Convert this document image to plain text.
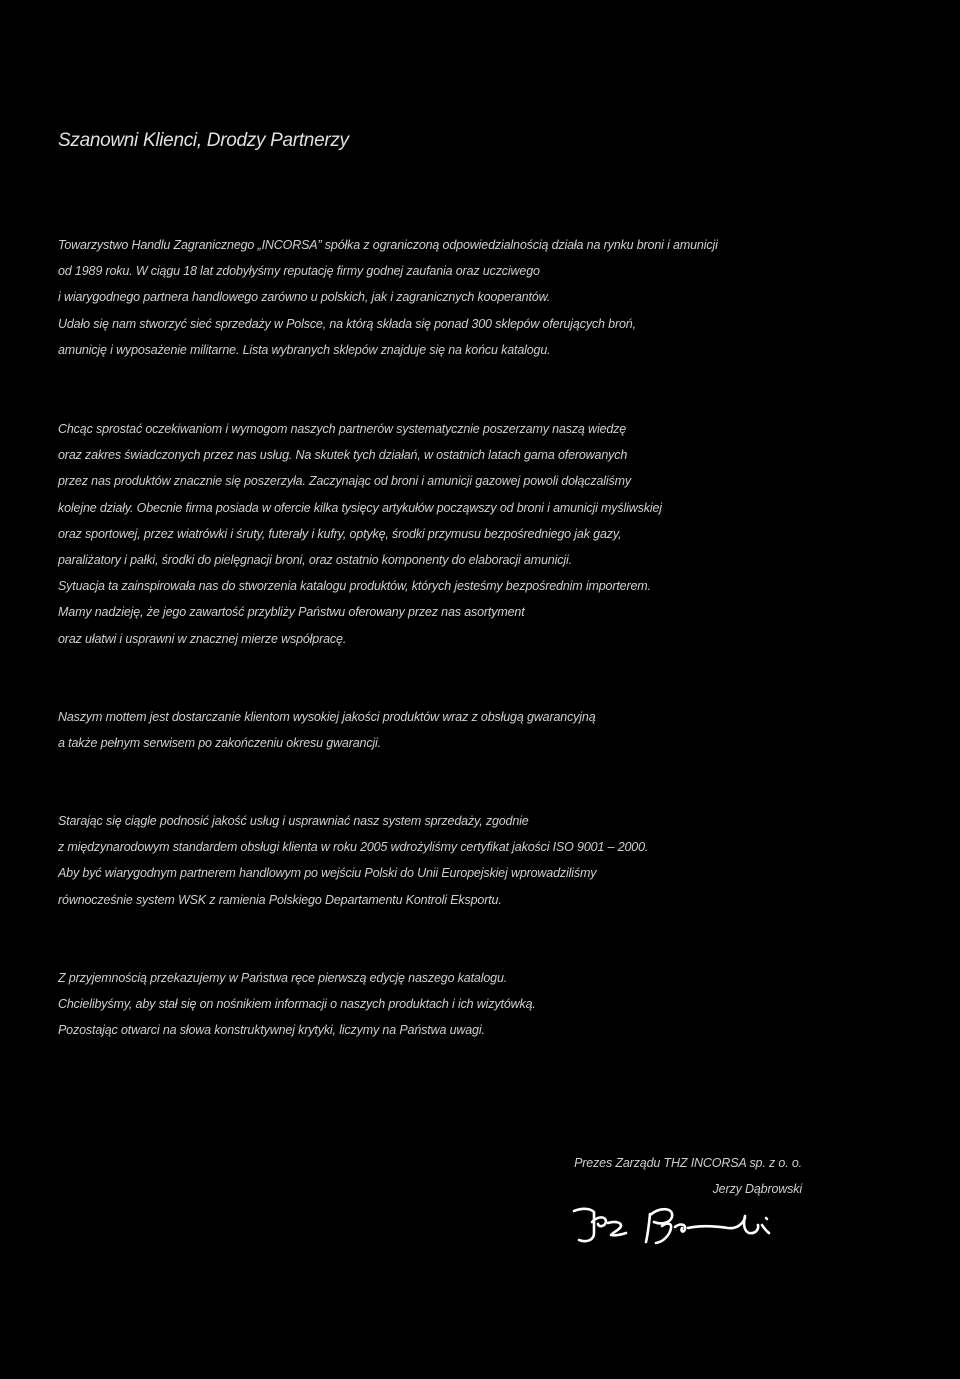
Szanowni Klienci, Drodzy Partnerzy
Towarzystwo Handlu Zagranicznego „INCORSA” spółka z ograniczoną odpowiedzialnością działa na rynku broni i amunicji
od 1989 roku. W ciągu 18 lat zdobyłyśmy reputację firmy godnej zaufania oraz uczciwego
i wiarygodnego partnera handlowego zarówno u polskich, jak i zagranicznych kooperantów.
Udało się nam stworzyć sieć sprzedaży w Polsce, na którą składa się ponad 300 sklepów oferujących broń,
amunicję i wyposażenie militarne. Lista wybranych sklepów znajduje się na końcu katalogu.
Chcąc sprostać oczekiwaniom i wymogom naszych partnerów systematycznie poszerzamy naszą wiedzę
oraz zakres świadczonych przez nas usług. Na skutek tych działań, w ostatnich latach gama oferowanych
przez nas produktów znacznie się poszerzyła. Zaczynając od broni i amunicji gazowej powoli dołączaliśmy
kolejne działy. Obecnie firma posiada w ofercie kilka tysięcy artykułów począwszy od broni i amunicji myśliwskiej
oraz sportowej, przez wiatrówki i śruty, futerały i kufry, optykę, środki przymusu bezpośredniego jak gazy,
paraliżatory i pałki, środki do pielęgnacji broni, oraz ostatnio komponenty do elaboracji amunicji.
Sytuacja ta zainspirowała nas do stworzenia katalogu produktów, których jesteśmy bezpośrednim importerem.
Mamy nadzieję, że jego zawartość przybliży Państwu oferowany przez nas asortyment
oraz ułatwi i usprawni w znacznej mierze współpracę.
Naszym mottem jest dostarczanie klientom wysokiej jakości produktów wraz z obsługą gwarancyjną
a także pełnym serwisem po zakończeniu okresu gwarancji.
Starając się ciągle podnosić jakość usług i usprawniać nasz system sprzedaży, zgodnie
z międzynarodowym standardem obsługi klienta w roku 2005 wdrożyliśmy certyfikat jakości ISO 9001 – 2000.
Aby być wiarygodnym partnerem handlowym po wejściu Polski do Unii Europejskiej wprowadziliśmy
równocześnie system WSK z ramienia Polskiego Departamentu Kontroli Eksportu.
Z przyjemnością przekazujemy w Państwa ręce pierwszą edycję naszego katalogu.
Chcielibyśmy, aby stał się on nośnikiem informacji o naszych produktach i ich wizytówką.
Pozostając otwarci na słowa konstruktywnej krytyki, liczymy na Państwa uwagi.
Prezes Zarządu THZ INCORSA sp. z o. o.
Jerzy Dąbrowski
